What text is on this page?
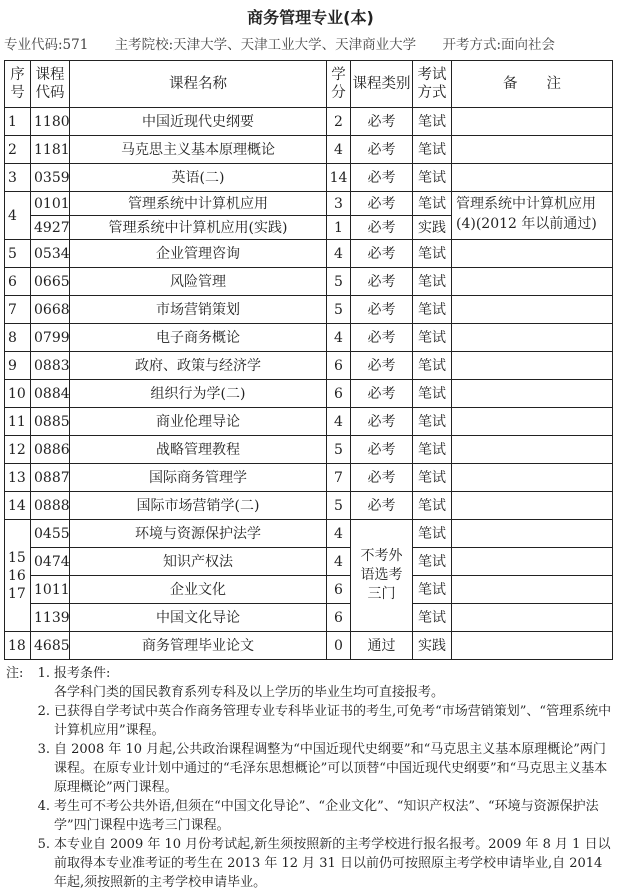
商务管理专业(本)
专业代码:571 主考院校:天津大学、天津工业大学、天津商业大学 开考方式:面向社会
序号	课程代码	课程名称	学分	课程类别	考试方式	备　　注
1	1180	中国近现代史纲要	2	必考	笔试	
2	1181	马克思主义基本原理概论	4	必考	笔试	
3	0359	英语(二)	14	必考	笔试	
4	0101	管理系统中计算机应用	3	必考	笔试	管理系统中计算机应用(4)(2012 年以前通过)
	4927	管理系统中计算机应用(实践)	1	必考	实践	
5	0534	企业管理咨询	4	必考	笔试	
6	0665	风险管理	5	必考	笔试	
7	0668	市场营销策划	5	必考	笔试	
8	0799	电子商务概论	4	必考	笔试	
9	0883	政府、政策与经济学	6	必考	笔试	
10	0884	组织行为学(二)	6	必考	笔试	
11	0885	商业伦理导论	4	必考	笔试	
12	0886	战略管理教程	5	必考	笔试	
13	0887	国际商务管理学	7	必考	笔试	
14	0888	国际市场营销学(二)	5	必考	笔试	
15 16 17	0455	环境与资源保护法学	4	不考外语选考三门	笔试	
	0474	知识产权法	4		笔试	
	1011	企业文化	6		笔试	
	1139	中国文化导论	6		笔试	
18	4685	商务管理毕业论文	0	通过	实践	
注:	1. 报考条件:
各学科门类的国民教育系列专科及以上学历的毕业生均可直接报考。
2. 已获得自学考试中英合作商务管理专业专科毕业证书的考生,可免考“市场营销策划”、“管理系统中计算机应用”课程。
3. 自 2008 年 10 月起,公共政治课程调整为“中国近现代史纲要”和“马克思主义基本原理概论”两门课程。在原专业计划中通过的“毛泽东思想概论”可以顶替“中国近现代史纲要”和“马克思主义基本原理概论”两门课程。
4. 考生可不考公共外语,但须在“中国文化导论”、“企业文化”、“知识产权法”、“环境与资源保护法学”四门课程中选考三门课程。
5. 本专业自 2009 年 10 月份考试起,新生须按照新的主考学校进行报名报考。2009 年 8 月 1 日以前取得本专业准考证的考生在 2013 年 12 月 31 日以前仍可按照原主考学校申请毕业,自 2014 年起,须按照新的主考学校申请毕业。
